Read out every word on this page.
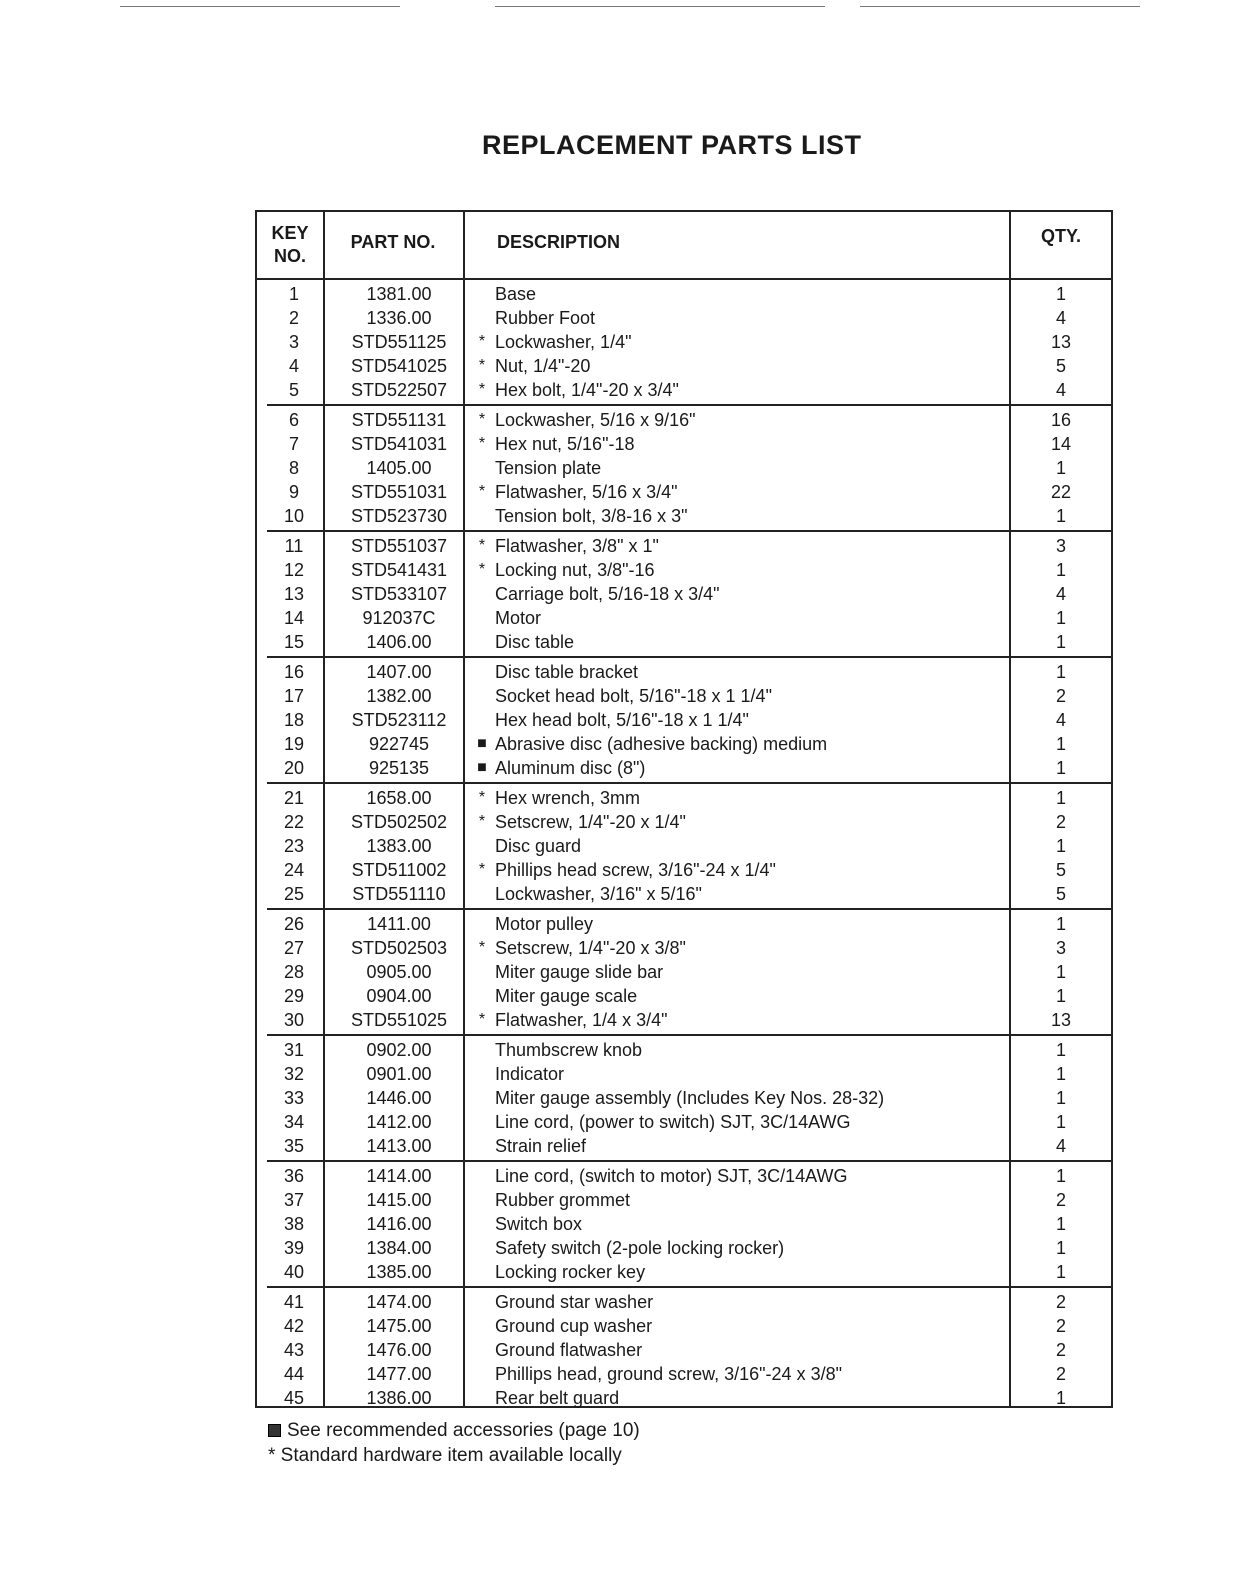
REPLACEMENT PARTS LIST
KEY
NO.
PART NO.	DESCRIPTION	QTY.
1	1381.00	Base	1
2	1336.00	Rubber Foot	4
3	STD551125	* Lockwasher, 1/4"	13
4	STD541025	* Nut, 1/4"-20	5
5	STD522507	* Hex bolt, 1/4"-20 x 3/4"	4
6	STD551131	* Lockwasher, 5/16 x 9/16"	16
7	STD541031	* Hex nut, 5/16"-18	14
8	1405.00	Tension plate	1
9	STD551031	* Flatwasher, 5/16 x 3/4"	22
10	STD523730	Tension bolt, 3/8-16 x 3"	1
11	STD551037	* Flatwasher, 3/8" x 1"	3
12	STD541431	* Locking nut, 3/8"-16	1
13	STD533107	Carriage bolt, 5/16-18 x 3/4"	4
14	912037C	Motor	1
15	1406.00	Disc table	1
16	1407.00	Disc table bracket	1
17	1382.00	Socket head bolt, 5/16"-18 x 1 1/4"	2
18	STD523112	Hex head bolt, 5/16"-18 x 1 1/4"	4
19	922745	■ Abrasive disc (adhesive backing) medium	1
20	925135	■ Aluminum disc (8")	1
21	1658.00	* Hex wrench, 3mm	1
22	STD502502	* Setscrew, 1/4"-20 x 1/4"	2
23	1383.00	Disc guard	1
24	STD511002	* Phillips head screw, 3/16"-24 x 1/4"	5
25	STD551110	Lockwasher, 3/16" x 5/16"	5
26	1411.00	Motor pulley	1
27	STD502503	* Setscrew, 1/4"-20 x 3/8"	3
28	0905.00	Miter gauge slide bar	1
29	0904.00	Miter gauge scale	1
30	STD551025	* Flatwasher, 1/4 x 3/4"	13
31	0902.00	Thumbscrew knob	1
32	0901.00	Indicator	1
33	1446.00	Miter gauge assembly (Includes Key Nos. 28-32)	1
34	1412.00	Line cord, (power to switch) SJT, 3C/14AWG	1
35	1413.00	Strain relief	4
36	1414.00	Line cord, (switch to motor) SJT, 3C/14AWG	1
37	1415.00	Rubber grommet	2
38	1416.00	Switch box	1
39	1384.00	Safety switch (2-pole locking rocker)	1
40	1385.00	Locking rocker key	1
41	1474.00	Ground star washer	2
42	1475.00	Ground cup washer	2
43	1476.00	Ground flatwasher	2
44	1477.00	Phillips head, ground screw, 3/16"-24 x 3/8"	2
45	1386.00	Rear belt guard	1
See recommended accessories (page 10)
* Standard hardware item available locally
